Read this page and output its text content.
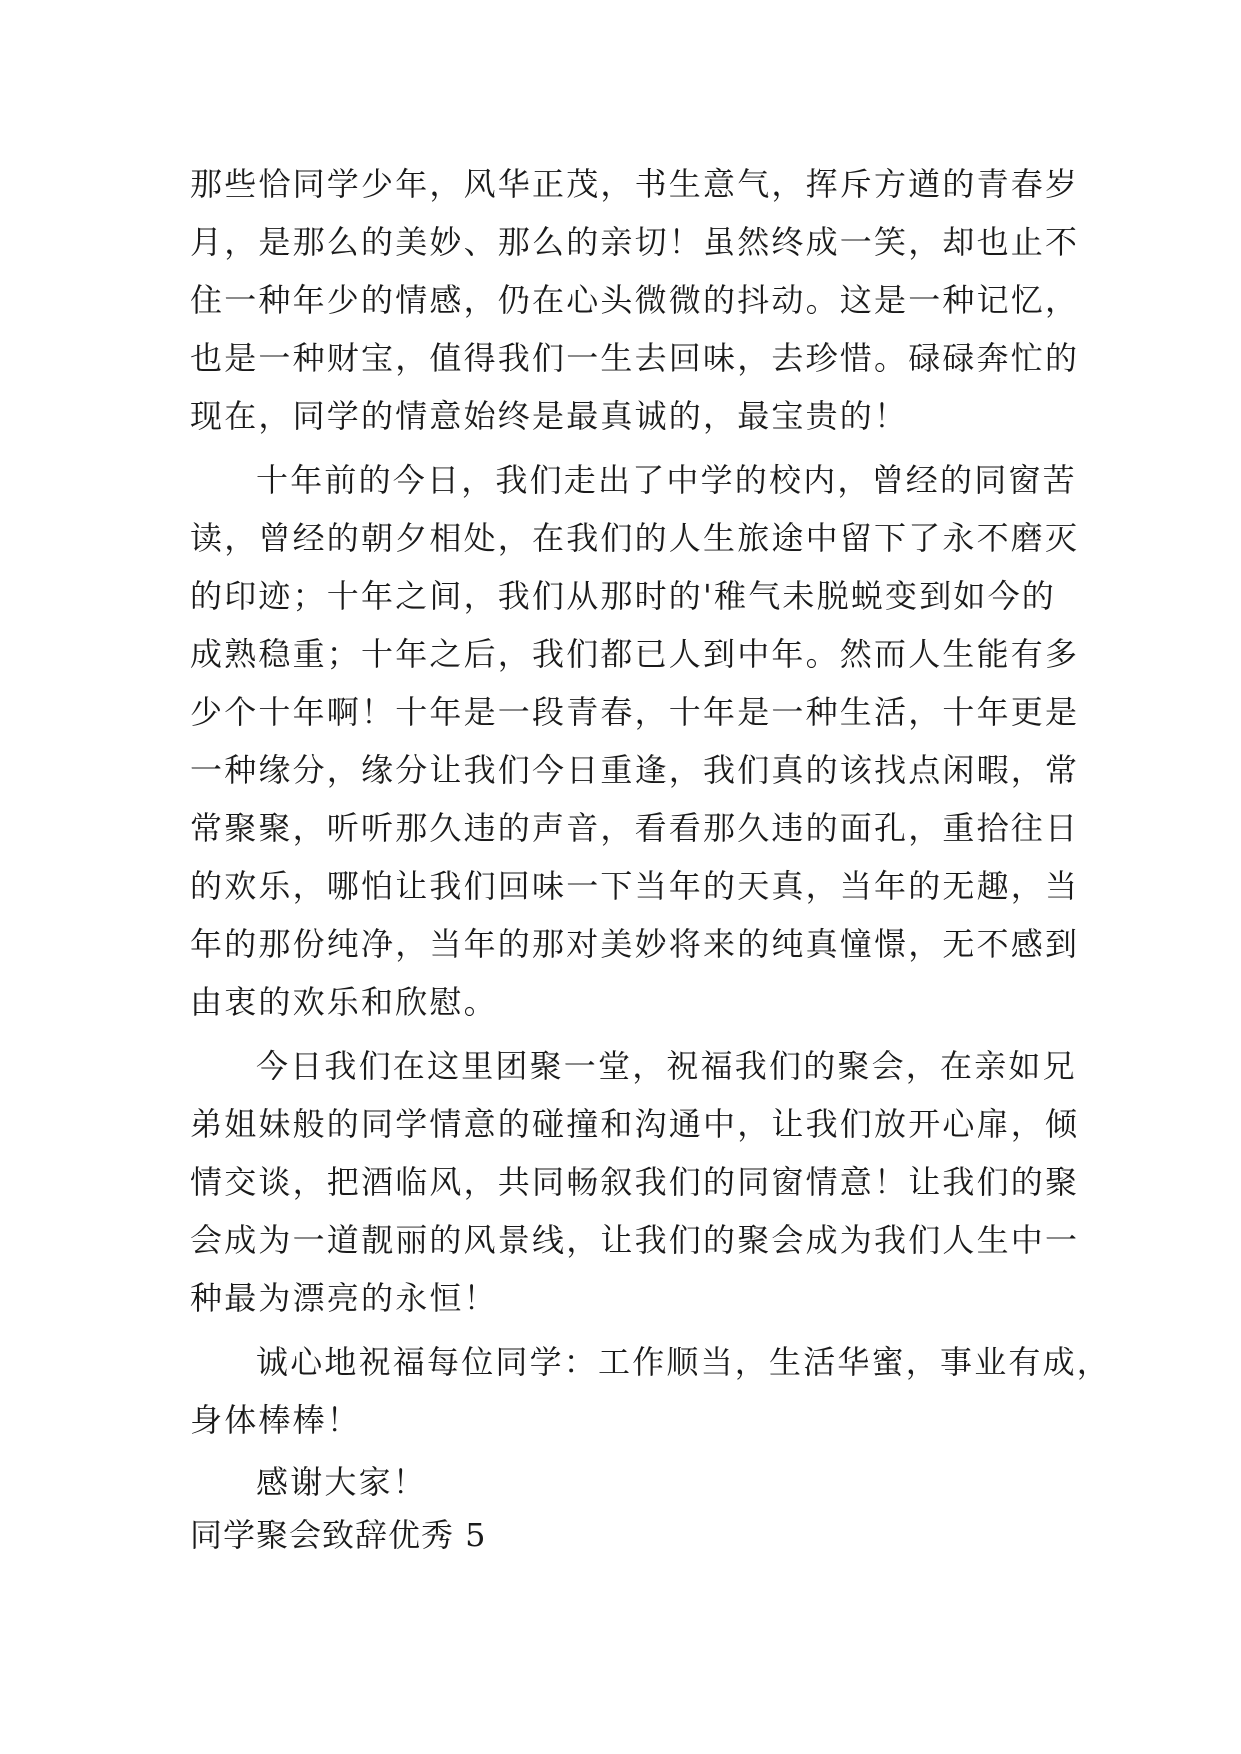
那些恰同学少年，风华正茂，书生意气，挥斥方遒的青春岁
月，是那么的美妙、那么的亲切！虽然终成一笑，却也止不
住一种年少的情感，仍在心头微微的抖动。这是一种记忆，
也是一种财宝，值得我们一生去回味，去珍惜。碌碌奔忙的
现在，同学的情意始终是最真诚的，最宝贵的！
十年前的今日，我们走出了中学的校内，曾经的同窗苦
读，曾经的朝夕相处，在我们的人生旅途中留下了永不磨灭
的印迹；十年之间，我们从那时的'稚气未脱蜕变到如今的
成熟稳重；十年之后，我们都已人到中年。然而人生能有多
少个十年啊！十年是一段青春，十年是一种生活，十年更是
一种缘分，缘分让我们今日重逢，我们真的该找点闲暇，常
常聚聚，听听那久违的声音，看看那久违的面孔，重拾往日
的欢乐，哪怕让我们回味一下当年的天真，当年的无趣，当
年的那份纯净，当年的那对美妙将来的纯真憧憬，无不感到
由衷的欢乐和欣慰。
今日我们在这里团聚一堂，祝福我们的聚会，在亲如兄
弟姐妹般的同学情意的碰撞和沟通中，让我们放开心扉，倾
情交谈，把酒临风，共同畅叙我们的同窗情意！让我们的聚
会成为一道靓丽的风景线，让我们的聚会成为我们人生中一
种最为漂亮的永恒！
诚心地祝福每位同学：工作顺当，生活华蜜，事业有成，
身体棒棒！
感谢大家！
同学聚会致辞优秀 5
